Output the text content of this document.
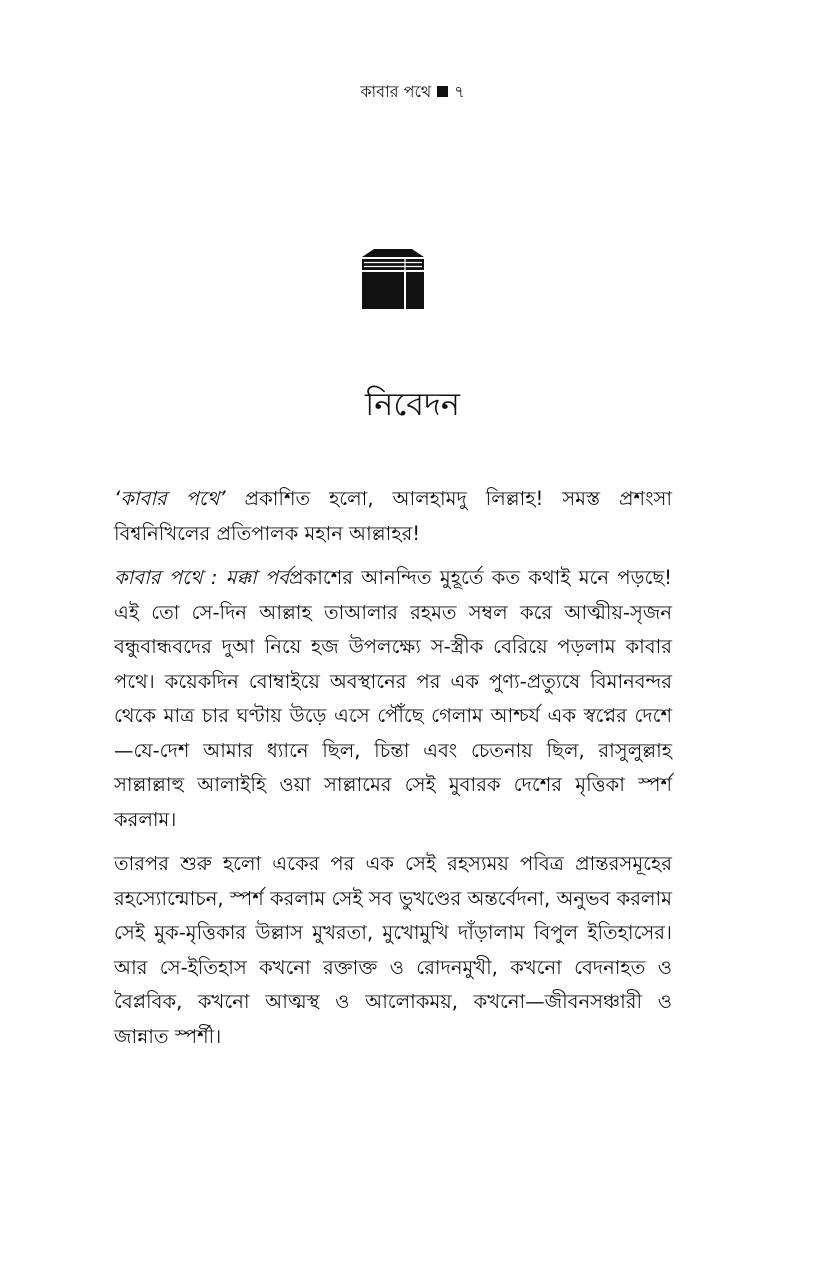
কাবার পথে ৭
নিবেদন

‘কাবার পথে’ প্রকাশিত হলো, আলহামদু লিল্লাহ! সমস্ত প্রশংসা বিশ্বনিখিলের প্রতিপালক মহান আল্লাহর!

কাবার পথে : মক্কা পর্বপ্রকাশের আনন্দিত মুহূর্তে কত কথাই মনে পড়ছে! এই তো সে-দিন আল্লাহ তাআলার রহমত সম্বল করে আত্মীয়-সৃজন বন্ধুবান্ধবদের দুআ নিয়ে হজ উপলক্ষ্যে স-স্ত্রীক বেরিয়ে পড়লাম কাবার পথে। কয়েকদিন বোম্বাইয়ে অবস্থানের পর এক পুণ্য-প্রত্যুষে বিমানবন্দর থেকে মাত্র চার ঘণ্টায় উড়ে এসে পৌঁছে গেলাম আশ্চর্য এক স্বপ্নের দেশে—যে-দেশ আমার ধ্যানে ছিল, চিন্তা এবং চেতনায় ছিল, রাসুলুল্লাহ সাল্লাল্লাহু আলাইহি ওয়া সাল্লামের সেই মুবারক দেশের মৃত্তিকা স্পর্শ করলাম।

তারপর শুরু হলো একের পর এক সেই রহস্যময় পবিত্র প্রান্তরসমূহের রহস্যোন্মোচন, স্পর্শ করলাম সেই সব ভুখণ্ডের অন্তর্বেদনা, অনুভব করলাম সেই মুক-মৃত্তিকার উল্লাস মুখরতা, মুখোমুখি দাঁড়ালাম বিপুল ইতিহাসের। আর সে-ইতিহাস কখনো রক্তাক্ত ও রোদনমুখী, কখনো বেদনাহত ও বৈপ্লবিক, কখনো আত্মস্থ ও আলোকময়, কখনো—জীবনসঞ্চারী ও জান্নাত স্পর্শী।
